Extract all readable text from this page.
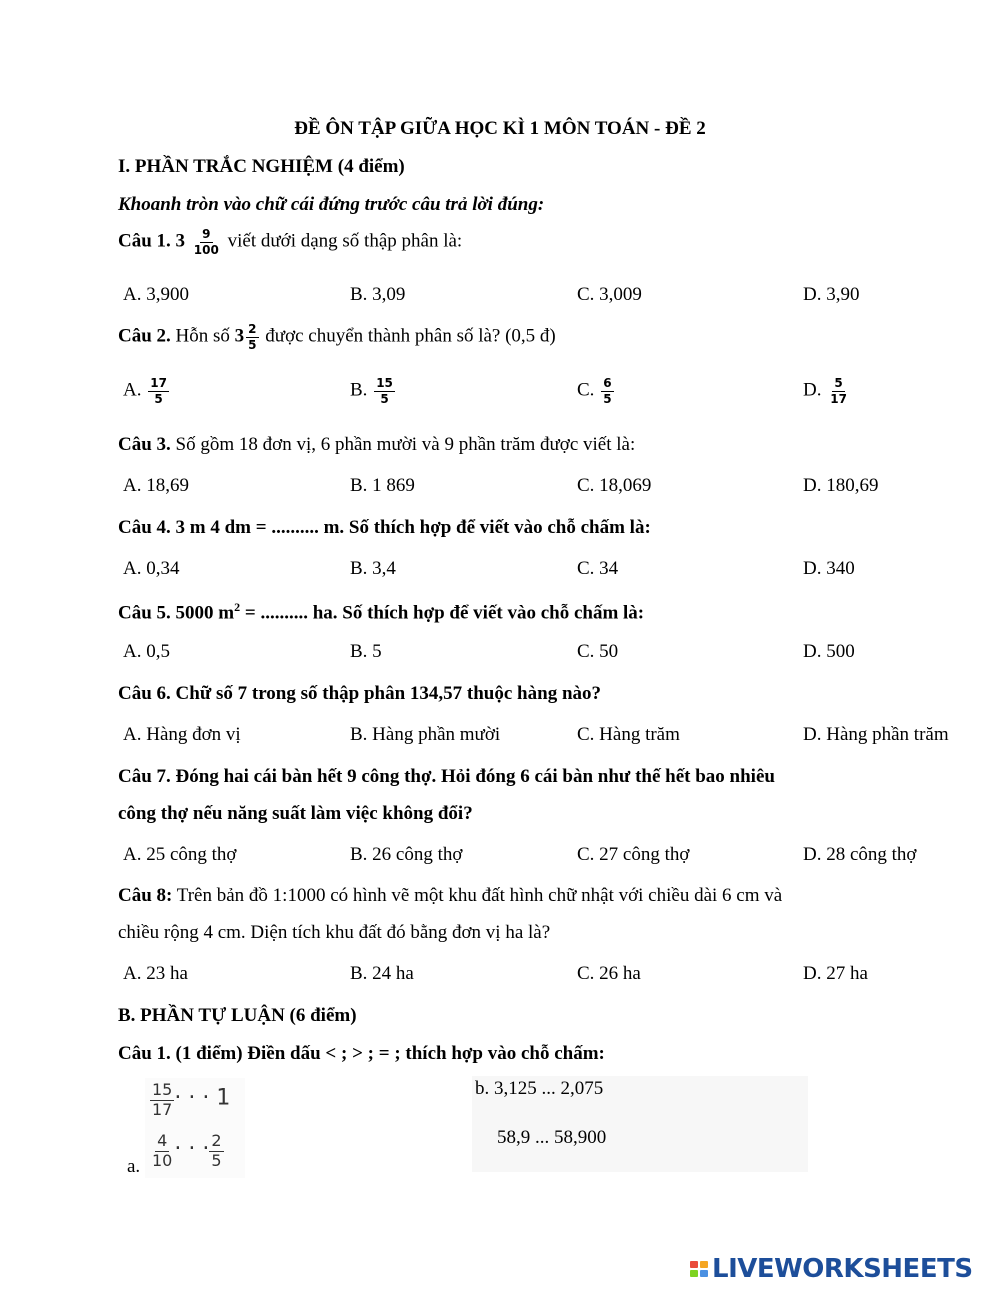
ĐỀ ÔN TẬP GIỮA HỌC KÌ 1 MÔN TOÁN - ĐỀ 2
I. PHẦN TRẮC NGHIỆM (4 điểm)
Khoanh tròn vào chữ cái đứng trước câu trả lời đúng:
Câu 1. $3 \frac{9}{100}$ viết dưới dạng số thập phân là:
A. 3,900	B. 3,09	C. 3,009	D. 3,90
Câu 2. Hỗn số $3 \frac{2}{5}$ được chuyển thành phân số là? (0,5 đ)
A. $\frac{17}{5}$	B. $\frac{15}{5}$	C. $\frac{6}{5}$	D. $\frac{5}{17}$
Câu 3. Số gồm 18 đơn vị, 6 phần mười và 9 phần trăm được viết là:
A. 18,69	B. 1 869	C. 18,069	D. 180,69
Câu 4. 3 m 4 dm = .......... m. Số thích hợp để viết vào chỗ chấm là:
A. 0,34	B. 3,4	C. 34	D. 340
Câu 5. 5000 $m^2$ = .......... ha. Số thích hợp để viết vào chỗ chấm là:
A. 0,5	B. 5	C. 50	D. 500
Câu 6. Chữ số 7 trong số thập phân 134,57 thuộc hàng nào?
A. Hàng đơn vị	B. Hàng phần mười	C. Hàng trăm	D. Hàng phần trăm
Câu 7. Đóng hai cái bàn hết 9 công thợ. Hỏi đóng 6 cái bàn như thế hết bao nhiêu
công thợ nếu năng suất làm việc không đổi?
A. 25 công thợ	B. 26 công thợ	C. 27 công thợ	D. 28 công thợ
Câu 8: Trên bản đồ 1:1000 có hình vẽ một khu đất hình chữ nhật với chiều dài 6 cm và
chiều rộng 4 cm. Diện tích khu đất đó bằng đơn vị ha là?
A. 23 ha	B. 24 ha	C. 26 ha	D. 27 ha
B. PHẦN TỰ LUẬN (6 điểm)
Câu 1. (1 điểm) Điền dấu < ; > ; = ; thích hợp vào chỗ chấm:
$\frac{15}{17}$ · · · 1
$\frac{4}{10}$ · · · $\frac{2}{5}$
a.
b. 3,125 ... 2,075
58,9 ... 58,900
LIVEWORKSHEETS
